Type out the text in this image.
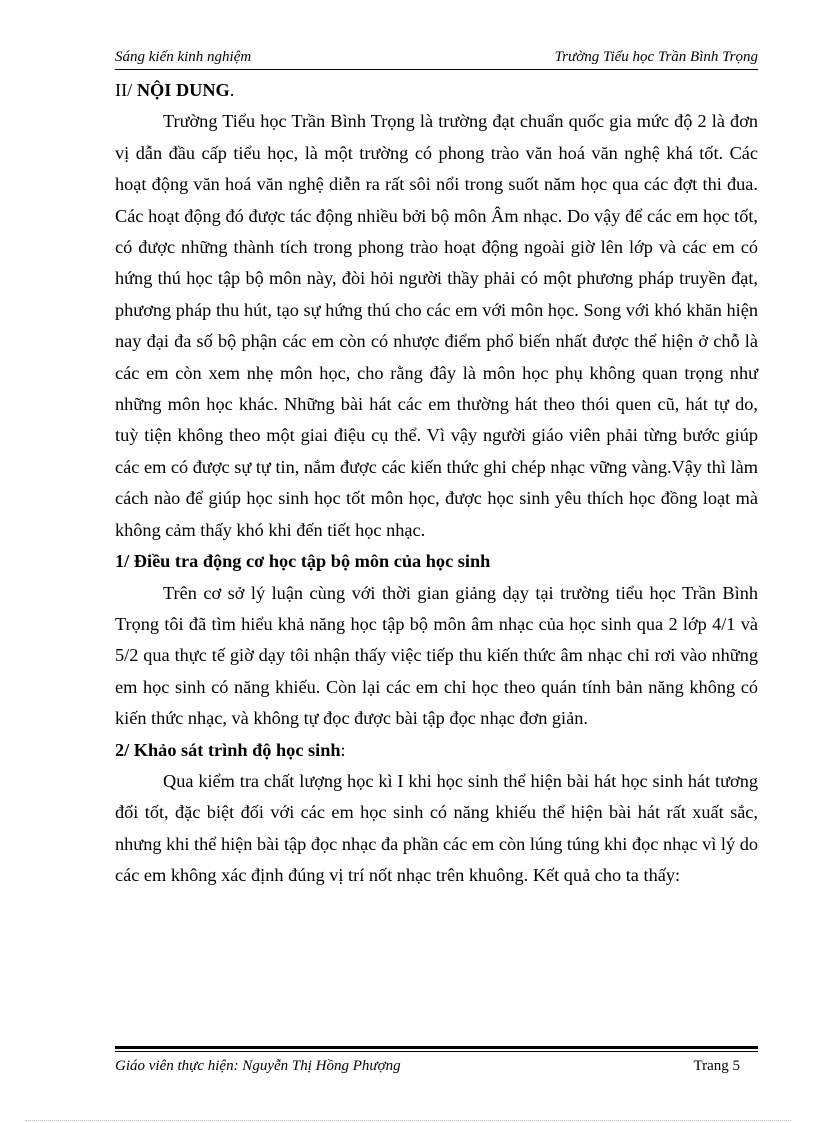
Sáng kiến kinh nghiệm	Trường Tiểu học Trần Bình Trọng

II/ NỘI DUNG.

Trường Tiểu học Trần Bình Trọng là trường đạt chuẩn quốc gia mức độ 2 là đơn vị dẫn đầu cấp tiểu học, là một trường có phong trào văn hoá văn nghệ khá tốt. Các hoạt động văn hoá văn nghệ diễn ra rất sôi nổi trong suốt năm học qua các đợt thi đua. Các hoạt động đó được tác động nhiều bởi bộ môn Âm nhạc. Do vậy để các em học tốt, có được những thành tích trong phong trào hoạt động ngoài giờ lên lớp và các em có hứng thú học tập bộ môn này, đòi hỏi người thầy phải có một phương pháp truyền đạt, phương pháp thu hút, tạo sự hứng thú cho các em với môn học. Song với khó khăn hiện nay đại đa số bộ phận các em còn có nhược điểm phổ biến nhất được thể hiện ở chỗ là các em còn xem nhẹ môn học, cho rằng đây là môn học phụ không quan trọng như những môn học khác. Những bài hát các em thường hát theo thói quen cũ, hát tự do, tuỳ tiện không theo một giai điệu cụ thể. Vì vậy người giáo viên phải từng bước giúp các em có được sự tự tin, nắm được các kiến thức ghi chép nhạc vững vàng.Vậy thì làm cách nào để giúp học sinh học tốt môn học, được học sinh yêu thích học đồng loạt mà không cảm thấy khó khi đến tiết học nhạc.

1/ Điều tra động cơ học tập bộ môn của học sinh

Trên cơ sở lý luận cùng với thời gian giảng dạy tại trường tiểu học Trần Bình Trọng tôi đã tìm hiểu khả năng học tập bộ môn âm nhạc của học sinh qua 2 lớp 4/1 và 5/2 qua thực tế giờ dạy tôi nhận thấy việc tiếp thu kiến thức âm nhạc chỉ rơi vào những em học sinh có năng khiếu. Còn lại các em chỉ học theo quán tính bản năng không có kiến thức nhạc, và không tự đọc được bài tập đọc nhạc đơn giản.

2/ Khảo sát trình độ học sinh:

Qua kiểm tra chất lượng học kì I khi học sinh thể hiện bài hát học sinh hát tương đối tốt, đặc biệt đối với các em học sinh có năng khiếu thể hiện bài hát rất xuất sắc, nhưng khi thể hiện bài tập đọc nhạc đa phần các em còn lúng túng khi đọc nhạc vì lý do các em không xác định đúng vị trí nốt nhạc trên khuông. Kết quả cho ta thấy:

Giáo viên thực hiện: Nguyễn Thị Hồng Phượng	Trang 5
